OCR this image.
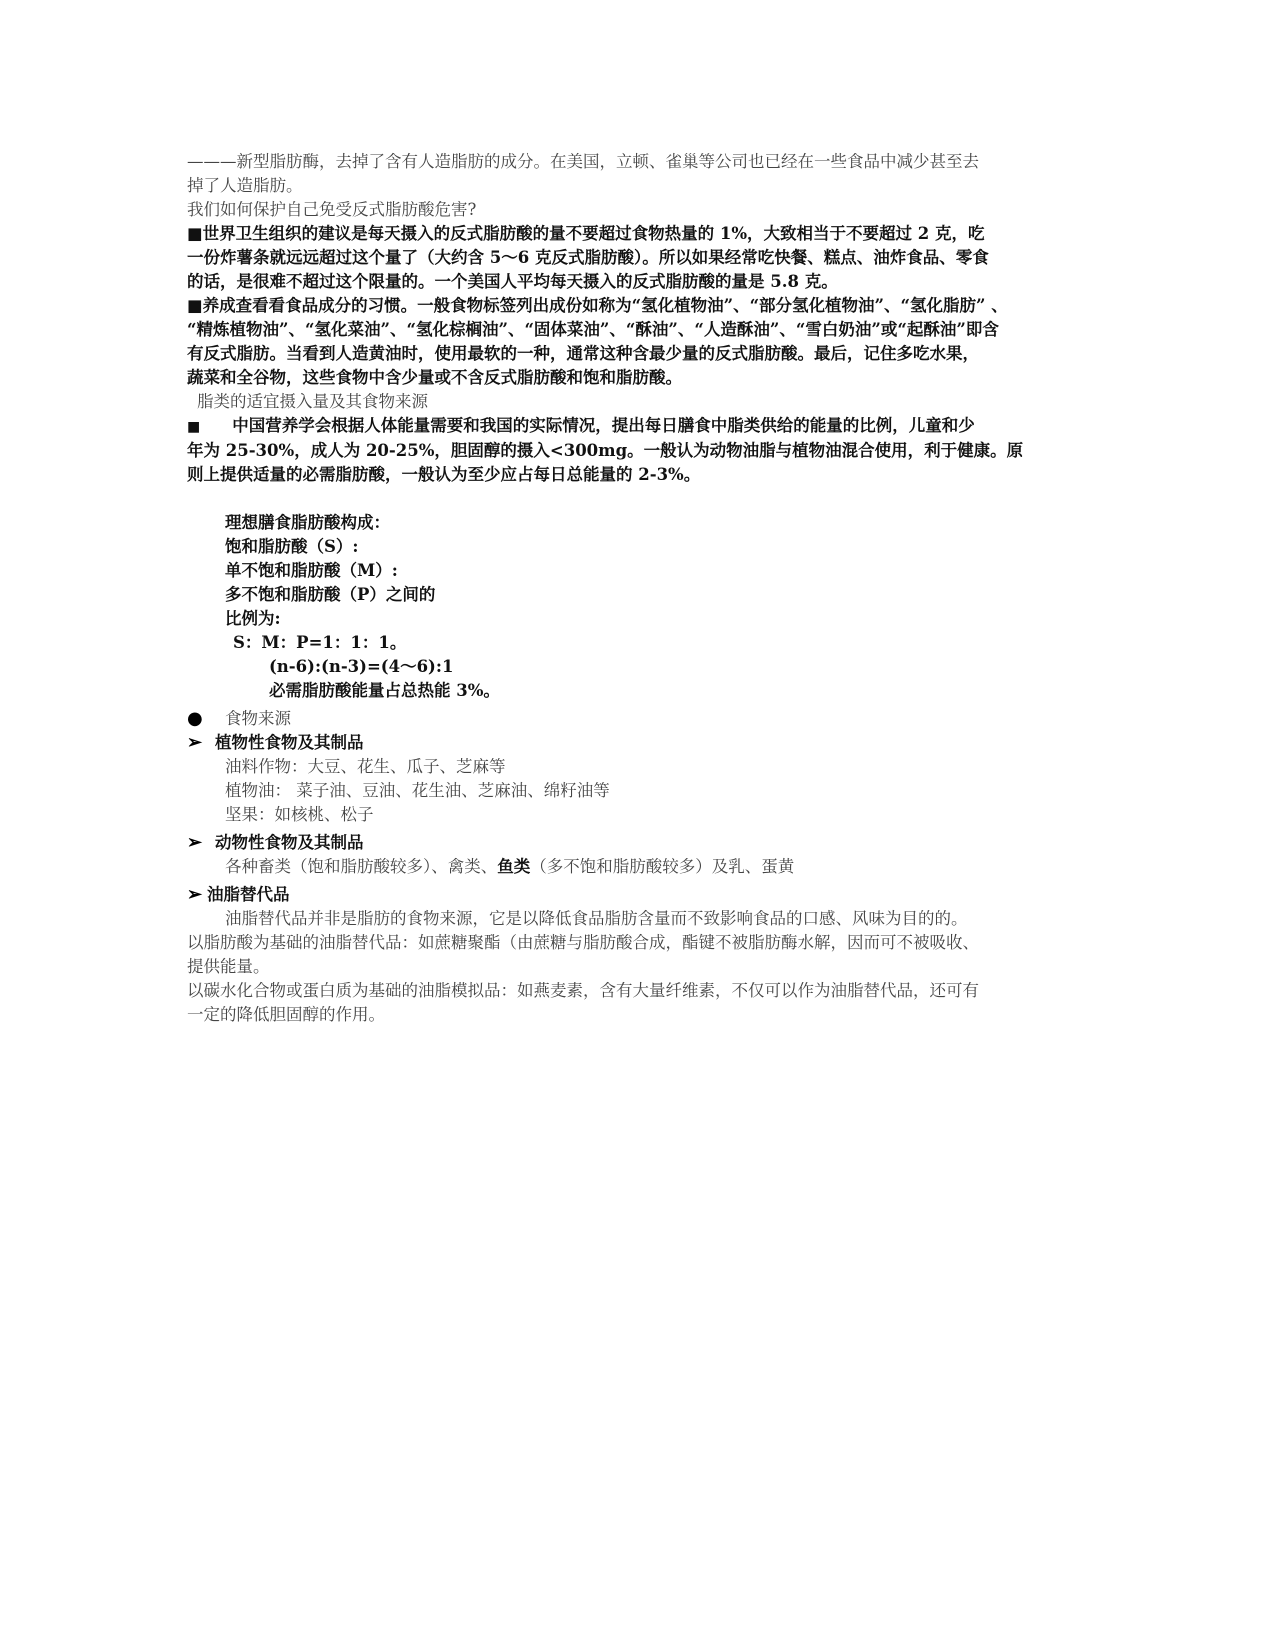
———新型脂肪酶，去掉了含有人造脂肪的成分。在美国，立顿、雀巢等公司也已经在一些食品中减少甚至去
掉了人造脂肪。
我们如何保护自己免受反式脂肪酸危害?
■世界卫生组织的建议是每天摄入的反式脂肪酸的量不要超过食物热量的 1%，大致相当于不要超过 2 克，吃
一份炸薯条就远远超过这个量了（大约含 5～6 克反式脂肪酸）。所以如果经常吃快餐、糕点、油炸食品、零食
的话，是很难不超过这个限量的。一个美国人平均每天摄入的反式脂肪酸的量是 5.8 克。
■养成查看看食品成分的习惯。一般食物标签列出成份如称为“氢化植物油”、“部分氢化植物油”、“氢化脂肪” 、
“精炼植物油”、“氢化菜油”、“氢化棕榈油”、“固体菜油”、“酥油”、“人造酥油”、“雪白奶油”或“起酥油”即含
有反式脂肪。当看到人造黄油时，使用最软的一种，通常这种含最少量的反式脂肪酸。最后，记住多吃水果，
蔬菜和全谷物，这些食物中含少量或不含反式脂肪酸和饱和脂肪酸。
脂类的适宜摄入量及其食物来源
■ 中国营养学会根据人体能量需要和我国的实际情况，提出每日膳食中脂类供给的能量的比例，儿童和少
年为 25-30%，成人为 20-25%，胆固醇的摄入<300mg。一般认为动物油脂与植物油混合使用，利于健康。原
则上提供适量的必需脂肪酸，一般认为至少应占每日总能量的 2-3%。
理想膳食脂肪酸构成：
饱和脂肪酸（S）:
单不饱和脂肪酸（M）:
多不饱和脂肪酸（P）之间的
比例为:
S：M：P=1：1：1。
(n-6):(n-3)=(4～6):1
必需脂肪酸能量占总热能 3%。
●	食物来源
➢ 植物性食物及其制品
油料作物：大豆、花生、瓜子、芝麻等
植物油： 菜子油、豆油、花生油、芝麻油、绵籽油等
坚果：如核桃、松子
➢ 动物性食物及其制品
各种畜类（饱和脂肪酸较多）、禽类、鱼类（多不饱和脂肪酸较多）及乳、蛋黄
➢ 油脂替代品
油脂替代品并非是脂肪的食物来源，它是以降低食品脂肪含量而不致影响食品的口感、风味为目的的。
以脂肪酸为基础的油脂替代品：如蔗糖聚酯（由蔗糖与脂肪酸合成，酯键不被脂肪酶水解，因而可不被吸收、
提供能量。
以碳水化合物或蛋白质为基础的油脂模拟品：如燕麦素，含有大量纤维素，不仅可以作为油脂替代品，还可有
一定的降低胆固醇的作用。
